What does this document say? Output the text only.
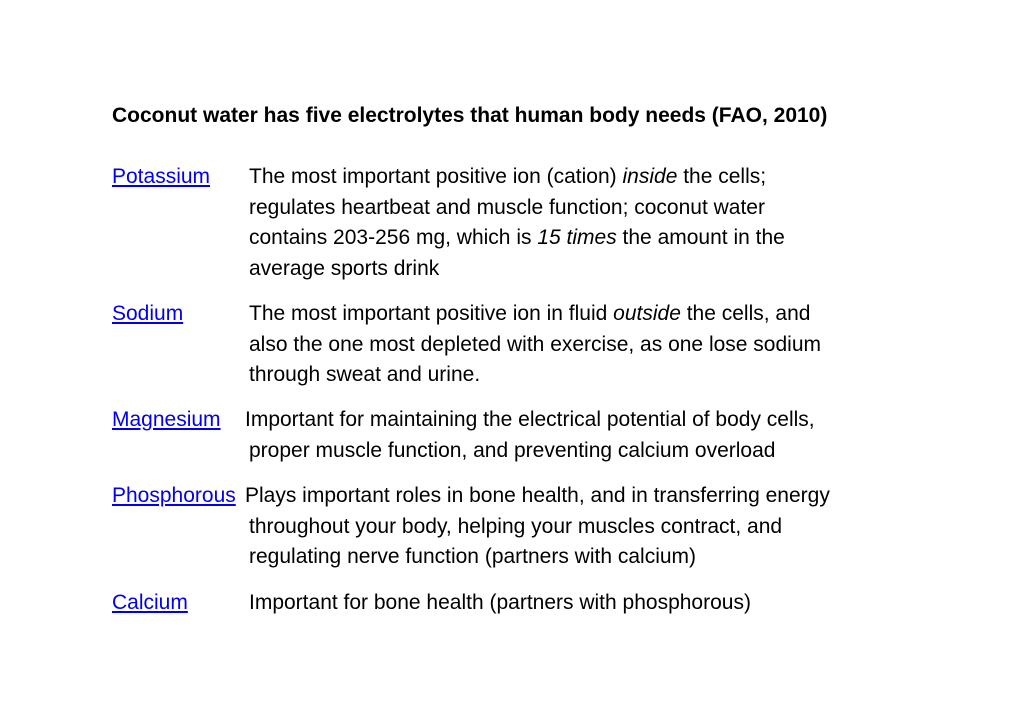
Coconut water has five electrolytes that human body needs (FAO, 2010)
Potassium The most important positive ion (cation) inside the cells;
regulates heartbeat and muscle function; coconut water
contains 203-256 mg, which is 15 times the amount in the
average sports drink
Sodium	The most important positive ion in fluid outside the cells, and
also the one most depleted with exercise, as one lose sodium
through sweat and urine.
Magnesium Important for maintaining the electrical potential of body cells,
proper muscle function, and preventing calcium overload
Phosphorous Plays important roles in bone health, and in transferring energy
throughout your body, helping your muscles contract, and
regulating nerve function (partners with calcium)
Calcium	Important for bone health (partners with phosphorous)
